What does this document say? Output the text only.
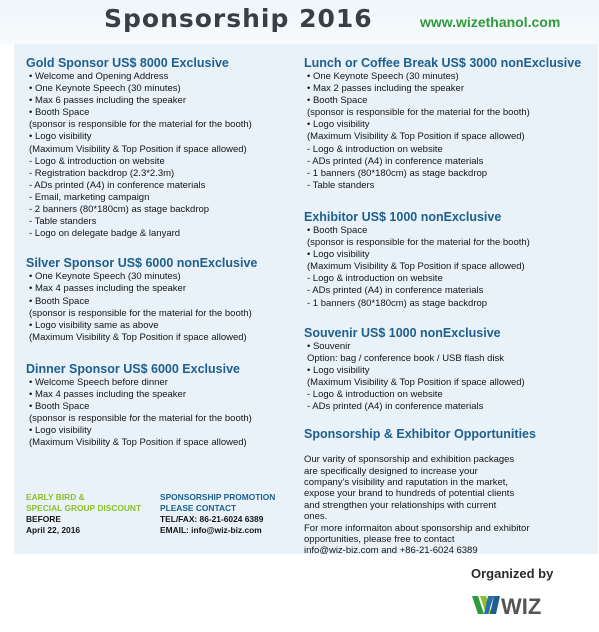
Sponsorship 2016	www.wizethanol.com
Gold Sponsor US$ 8000 Exclusive
• Welcome and Opening Address
• One Keynote Speech (30 minutes)
• Max 6 passes including the speaker
• Booth Space
(sponsor is responsible for the material for the booth)
• Logo visibility
(Maximum Visibility & Top Position if space allowed)
- Logo & introduction on website
- Registration backdrop (2.3*2.3m)
- ADs printed (A4) in conference materials
- Email, marketing campaign
- 2 banners (80*180cm) as stage backdrop
- Table standers
- Logo on delegate badge & lanyard
Silver Sponsor US$ 6000 nonExclusive
• One Keynote Speech (30 minutes)
• Max 4 passes including the speaker
• Booth Space
(sponsor is responsible for the material for the booth)
• Logo visibility same as above
(Maximum Visibility & Top Position if space allowed)
Dinner Sponsor US$ 6000 Exclusive
• Welcome Speech before dinner
• Max 4 passes including the speaker
• Booth Space
(sponsor is responsible for the material for the booth)
• Logo visibility
(Maximum Visibility & Top Position if space allowed)
Lunch or Coffee Break US$ 3000 nonExclusive
• One Keynote Speech (30 minutes)
• Max 2 passes including the speaker
• Booth Space
(sponsor is responsible for the material for the booth)
• Logo visibility
(Maximum Visibility & Top Position if space allowed)
- Logo & introduction on website
- ADs printed (A4) in conference materials
- 1 banners (80*180cm) as stage backdrop
- Table standers
Exhibitor US$ 1000 nonExclusive
• Booth Space
(sponsor is responsible for the material for the booth)
• Logo visibility
(Maximum Visibility & Top Position if space allowed)
- Logo & introduction on website
- ADs printed (A4) in conference materials
- 1 banners (80*180cm) as stage backdrop
Souvenir US$ 1000 nonExclusive
• Souvenir
Option: bag / conference book / USB flash disk
• Logo visibility
(Maximum Visibility & Top Position if space allowed)
- Logo & introduction on website
- ADs printed (A4) in conference materials
Sponsorship & Exhibitor Opportunities
Our varity of sponsorship and exhibition packages
are specifically designed to increase your
company's visibility and raputation in the market,
expose your brand to hundreds of potential clients
and strengthen your relationships with current
ones.
For more informaiton about sponsorship and exhibitor
opportunities, please free to contact
info@wiz-biz.com and +86-21-6024 6389
EARLY BIRD &
SPECIAL GROUP DISCOUNT
BEFORE
April 22, 2016
SPONSORSHIP PROMOTION
PLEASE CONTACT
TEL/FAX: 86-21-6024 6389
EMAIL: info@wiz-biz.com
Organized by
WIZ
